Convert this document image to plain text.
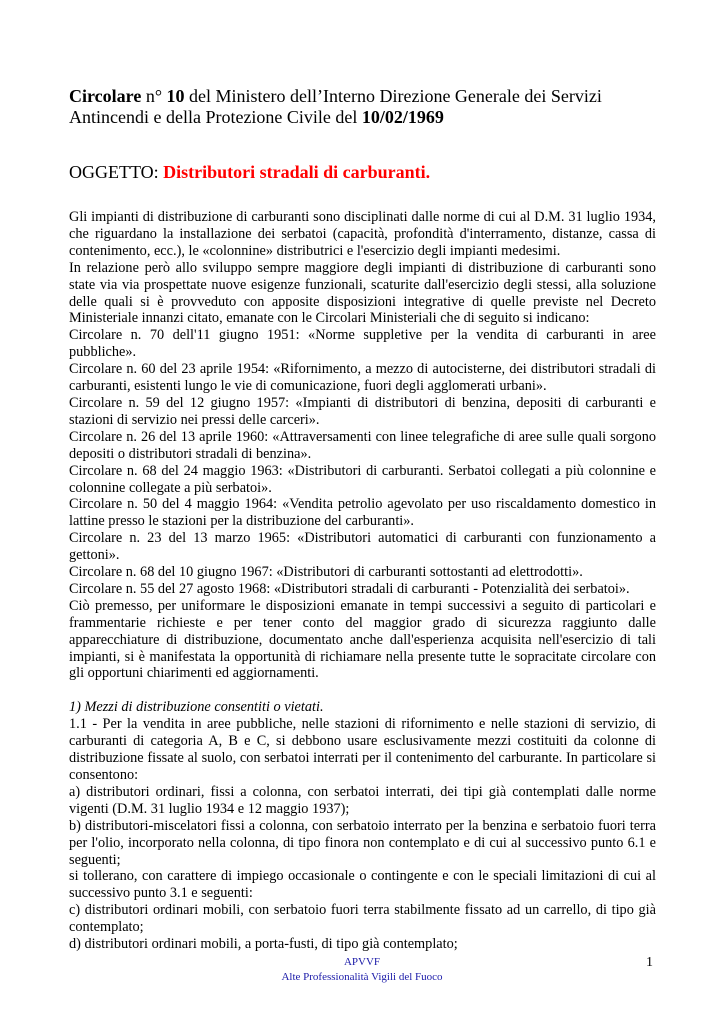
Circolare n° 10 del Ministero dell’Interno Direzione Generale dei Servizi Antincendi e della Protezione Civile del 10/02/1969

OGGETTO: Distributori stradali di carburanti.

Gli impianti di distribuzione di carburanti sono disciplinati dalle norme di cui al D.M. 31 luglio 1934, che riguardano la installazione dei serbatoi (capacità, profondità d'interramento, distanze, cassa di contenimento, ecc.), le «colonnine» distributrici e l'esercizio degli impianti medesimi.

In relazione però allo sviluppo sempre maggiore degli impianti di distribuzione di carburanti sono state via via prospettate nuove esigenze funzionali, scaturite dall'esercizio degli stessi, alla soluzione delle quali si è provveduto con apposite disposizioni integrative di quelle previste nel Decreto Ministeriale innanzi citato, emanate con le Circolari Ministeriali che di seguito si indicano:

Circolare n. 70 dell'11 giugno 1951: «Norme suppletive per la vendita di carburanti in aree pubbliche».

Circolare n. 60 del 23 aprile 1954: «Rifornimento, a mezzo di autocisterne, dei distributori stradali di carburanti, esistenti lungo le vie di comunicazione, fuori degli agglomerati urbani».

Circolare n. 59 del 12 giugno 1957: «Impianti di distributori di benzina, depositi di carburanti e stazioni di servizio nei pressi delle carceri».

Circolare n. 26 del 13 aprile 1960: «Attraversamenti con linee telegrafiche di aree sulle quali sorgono depositi o distributori stradali di benzina».

Circolare n. 68 del 24 maggio 1963: «Distributori di carburanti. Serbatoi collegati a più colonnine e colonnine collegate a più serbatoi».

Circolare n. 50 del 4 maggio 1964: «Vendita petrolio agevolato per uso riscaldamento domestico in lattine presso le stazioni per la distribuzione del carburanti».

Circolare n. 23 del 13 marzo 1965: «Distributori automatici di carburanti con funzionamento a gettoni».

Circolare n. 68 del 10 giugno 1967: «Distributori di carburanti sottostanti ad elettrodotti».

Circolare n. 55 del 27 agosto 1968: «Distributori stradali di carburanti - Potenzialità dei serbatoi».

Ciò premesso, per uniformare le disposizioni emanate in tempi successivi a seguito di particolari e frammentarie richieste e per tener conto del maggior grado di sicurezza raggiunto dalle apparecchiature di distribuzione, documentato anche dall'esperienza acquisita nell'esercizio di tali impianti, si è manifestata la opportunità di richiamare nella presente tutte le sopracitate circolare con gli opportuni chiarimenti ed aggiornamenti.

1) Mezzi di distribuzione consentiti o vietati.

1.1 - Per la vendita in aree pubbliche, nelle stazioni di rifornimento e nelle stazioni di servizio, di carburanti di categoria A, B e C, si debbono usare esclusivamente mezzi costituiti da colonne di distribuzione fissate al suolo, con serbatoi interrati per il contenimento del carburante. In particolare si consentono:

a) distributori ordinari, fissi a colonna, con serbatoi interrati, dei tipi già contemplati dalle norme vigenti (D.M. 31 luglio 1934 e 12 maggio 1937);

b) distributori-miscelatori fissi a colonna, con serbatoio interrato per la benzina e serbatoio fuori terra per l'olio, incorporato nella colonna, di tipo finora non contemplato e di cui al successivo punto 6.1 e seguenti;

si tollerano, con carattere di impiego occasionale o contingente e con le speciali limitazioni di cui al successivo punto 3.1 e seguenti:

c) distributori ordinari mobili, con serbatoio fuori terra stabilmente fissato ad un carrello, di tipo già contemplato;

d) distributori ordinari mobili, a porta-fusti, di tipo già contemplato;

APVVF
Alte Professionalità Vigili del Fuoco
1
